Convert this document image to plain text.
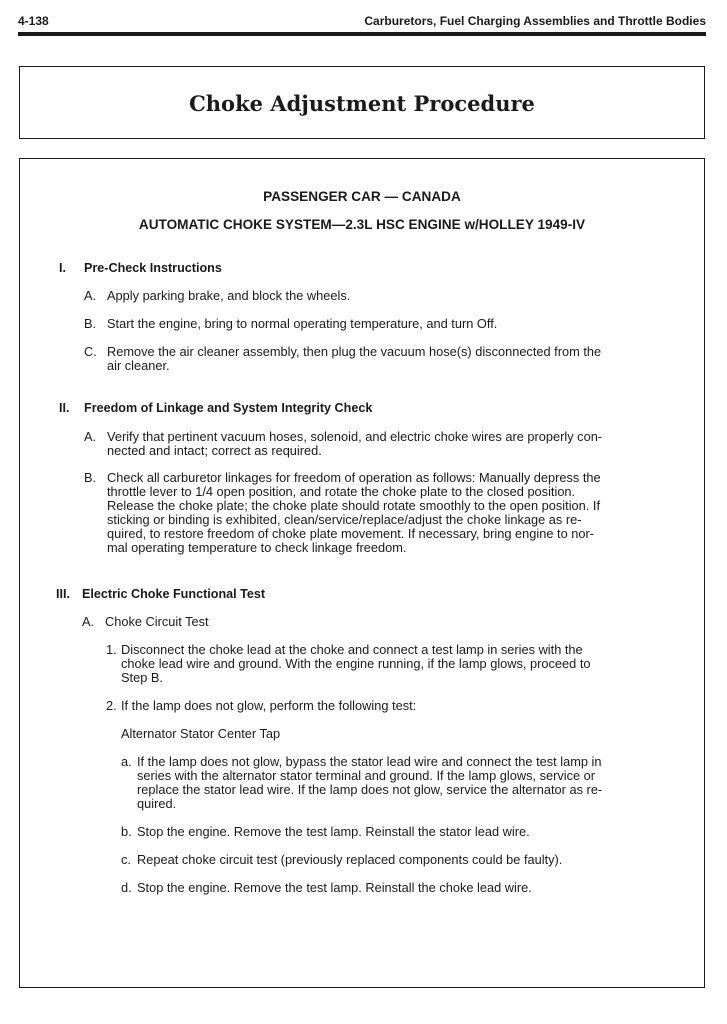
4-138	Carburetors, Fuel Charging Assemblies and Throttle Bodies
Choke Adjustment Procedure
PASSENGER CAR — CANADA
AUTOMATIC CHOKE SYSTEM—2.3L HSC ENGINE w/HOLLEY 1949-IV
I. Pre-Check Instructions
A. Apply parking brake, and block the wheels.
B. Start the engine, bring to normal operating temperature, and turn Off.
C. Remove the air cleaner assembly, then plug the vacuum hose(s) disconnected from the
air cleaner.
II. Freedom of Linkage and System Integrity Check
A. Verify that pertinent vacuum hoses, solenoid, and electric choke wires are properly con-
nected and intact; correct as required.
B. Check all carburetor linkages for freedom of operation as follows: Manually depress the
throttle lever to 1/4 open position, and rotate the choke plate to the closed position.
Release the choke plate; the choke plate should rotate smoothly to the open position. If
sticking or binding is exhibited, clean/service/replace/adjust the choke linkage as re-
quired, to restore freedom of choke plate movement. If necessary, bring engine to nor-
mal operating temperature to check linkage freedom.
III. Electric Choke Functional Test
A. Choke Circuit Test
1. Disconnect the choke lead at the choke and connect a test lamp in series with the
choke lead wire and ground. With the engine running, if the lamp glows, proceed to
Step B.
2. If the lamp does not glow, perform the following test:
Alternator Stator Center Tap
a. If the lamp does not glow, bypass the stator lead wire and connect the test lamp in
series with the alternator stator terminal and ground. If the lamp glows, service or
replace the stator lead wire. If the lamp does not glow, service the alternator as re-
quired.
b. Stop the engine. Remove the test lamp. Reinstall the stator lead wire.
c. Repeat choke circuit test (previously replaced components could be faulty).
d. Stop the engine. Remove the test lamp. Reinstall the choke lead wire.
